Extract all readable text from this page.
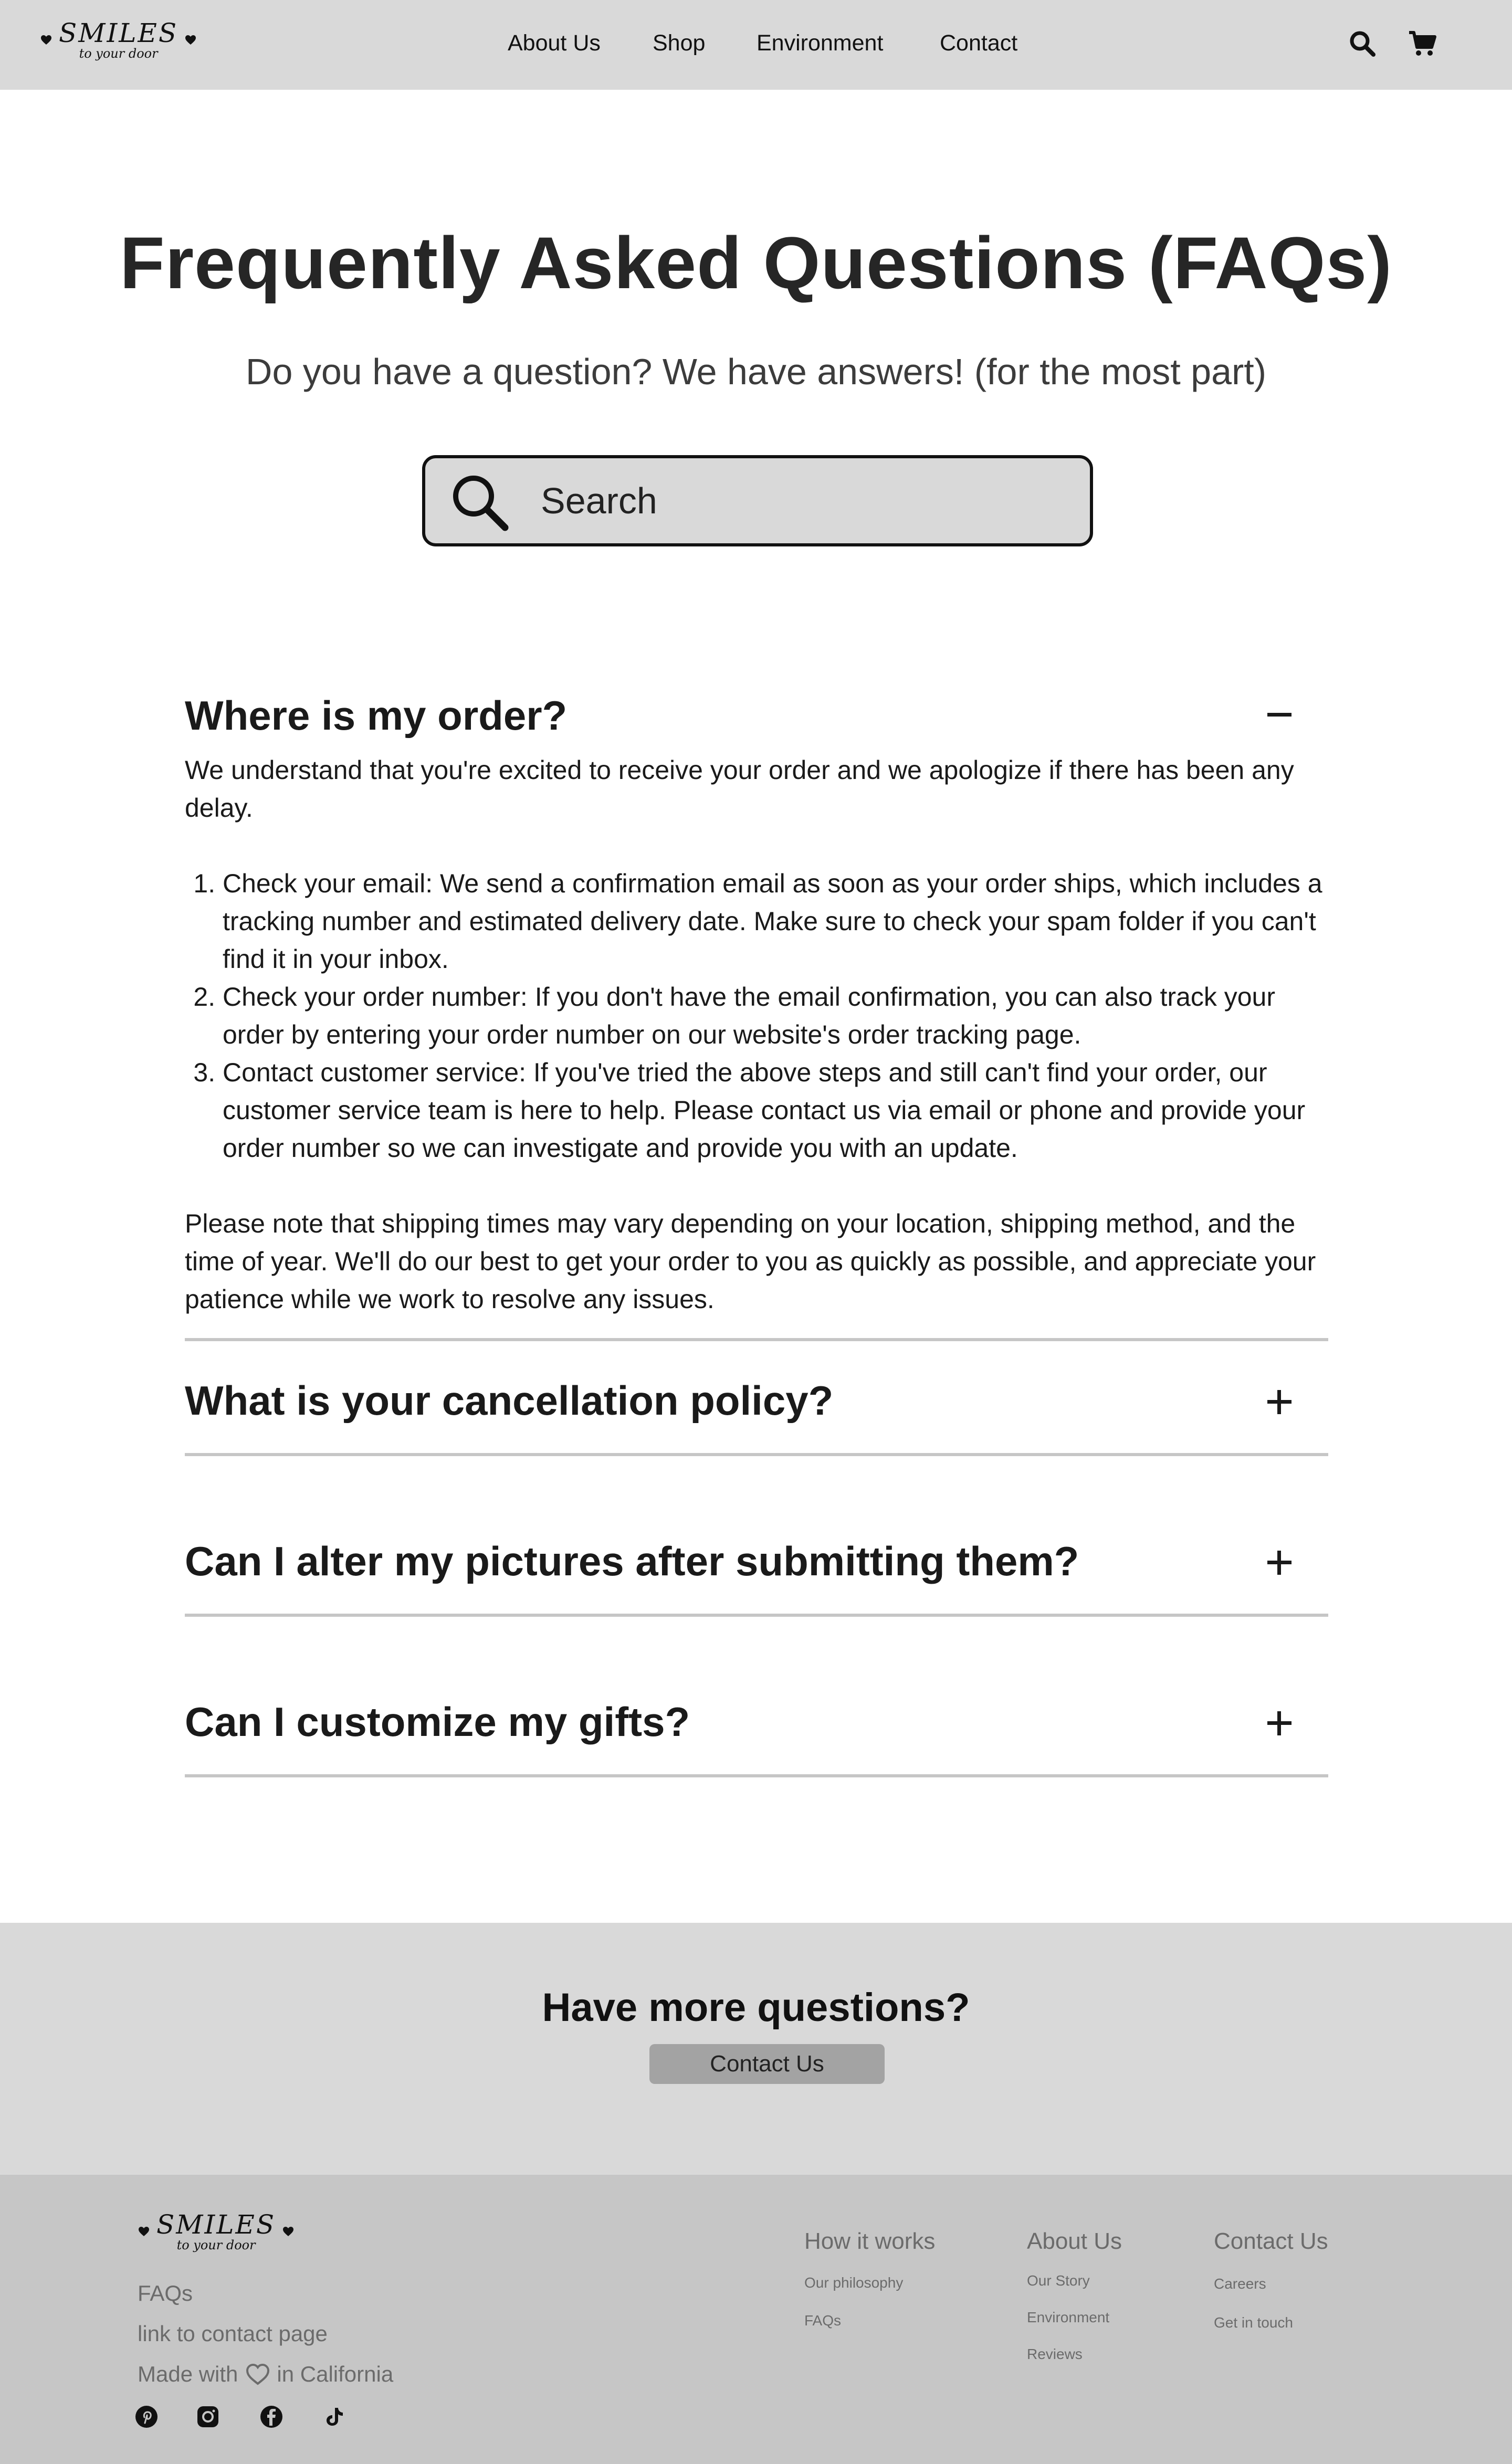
SMILES
to your door	About Us Shop Environment	Contact
Frequently Asked Questions (FAQs)

Do you have a question? We have answers! (for the most part)

Search
Where is my order?

We understand that you're excited to receive your order and we apologize if there has been any delay.

1. Check your email: We send a confirmation email as soon as your order ships, which includes a tracking number and estimated delivery date. Make sure to check your spam folder if you can't find it in your inbox.
2. Check your order number: If you don't have the email confirmation, you can also track your order by entering your order number on our website's order tracking page.
3. Contact customer service: If you've tried the above steps and still can't find your order, our customer service team is here to help. Please contact us via email or phone and provide your order number so we can investigate and provide you with an update.

Please note that shipping times may vary depending on your location, shipping method, and the time of year. We'll do our best to get your order to you as quickly as possible, and appreciate your patience while we work to resolve any issues.

What is your cancellation policy?
Can I alter my pictures after submitting them?
Can I customize my gifts?
Have more questions?
Contact Us
SMILES
to your door
FAQs
link to contact page
Made with in California
How it works
Our philosophy
FAQs
About Us
Our Story
Environment
Reviews
Contact Us
Careers
Get in touch
